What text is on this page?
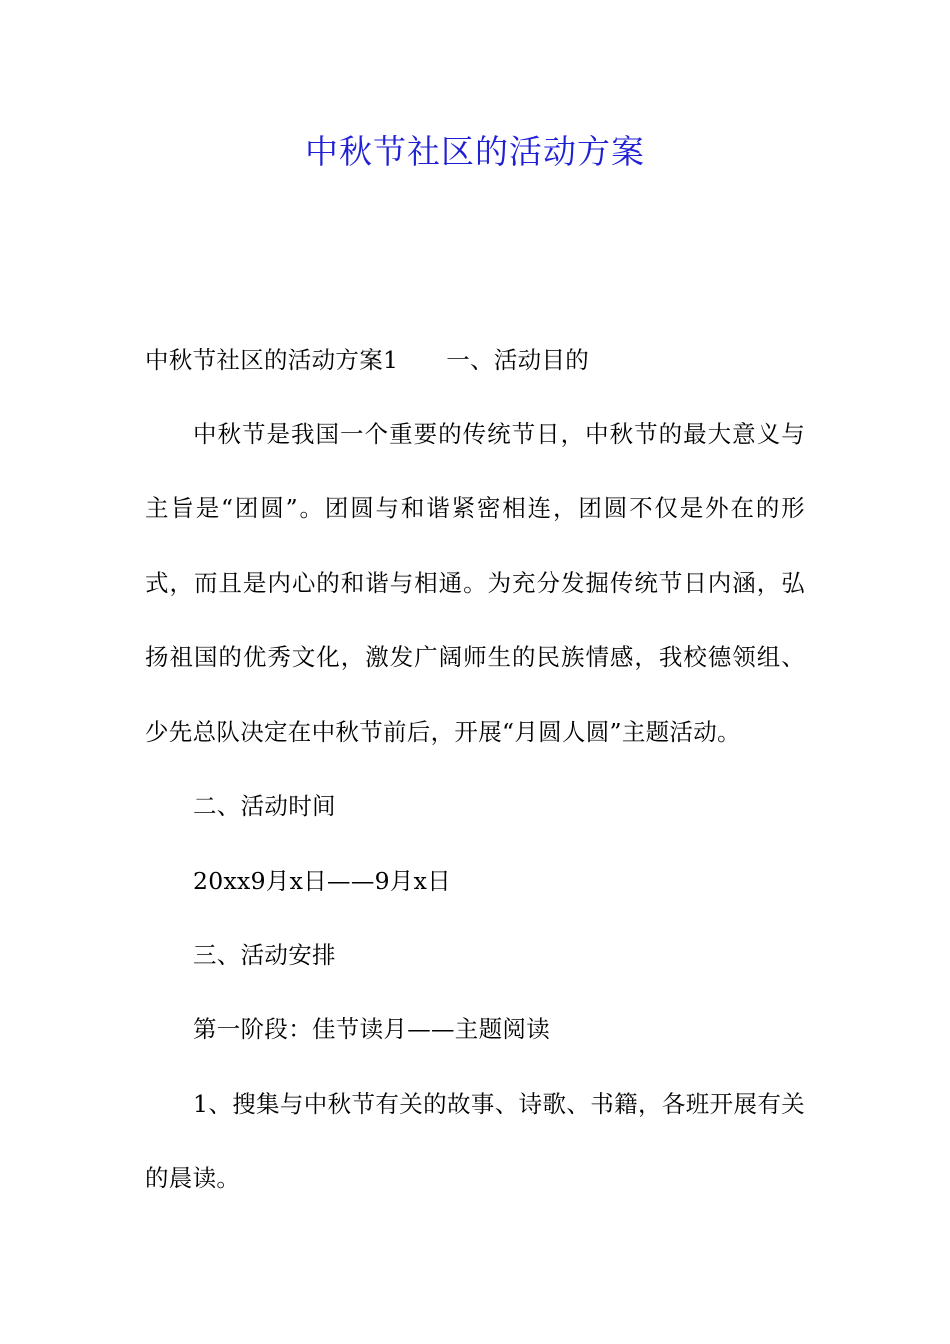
中秋节社区的活动方案
中秋节社区的活动方案1 一、活动目的
中秋节是我国一个重要的传统节日，中秋节的最大意义与
主旨是“团圆”。团圆与和谐紧密相连，团圆不仅是外在的形
式，而且是内心的和谐与相通。为充分发掘传统节日内涵，弘
扬祖国的优秀文化，激发广阔师生的民族情感，我校德领组、
少先总队决定在中秋节前后，开展“月圆人圆”主题活动。
二、活动时间
20xx9月x日——9月x日
三、活动安排
第一阶段：佳节读月——主题阅读
1、搜集与中秋节有关的故事、诗歌、书籍，各班开展有关
的晨读。
